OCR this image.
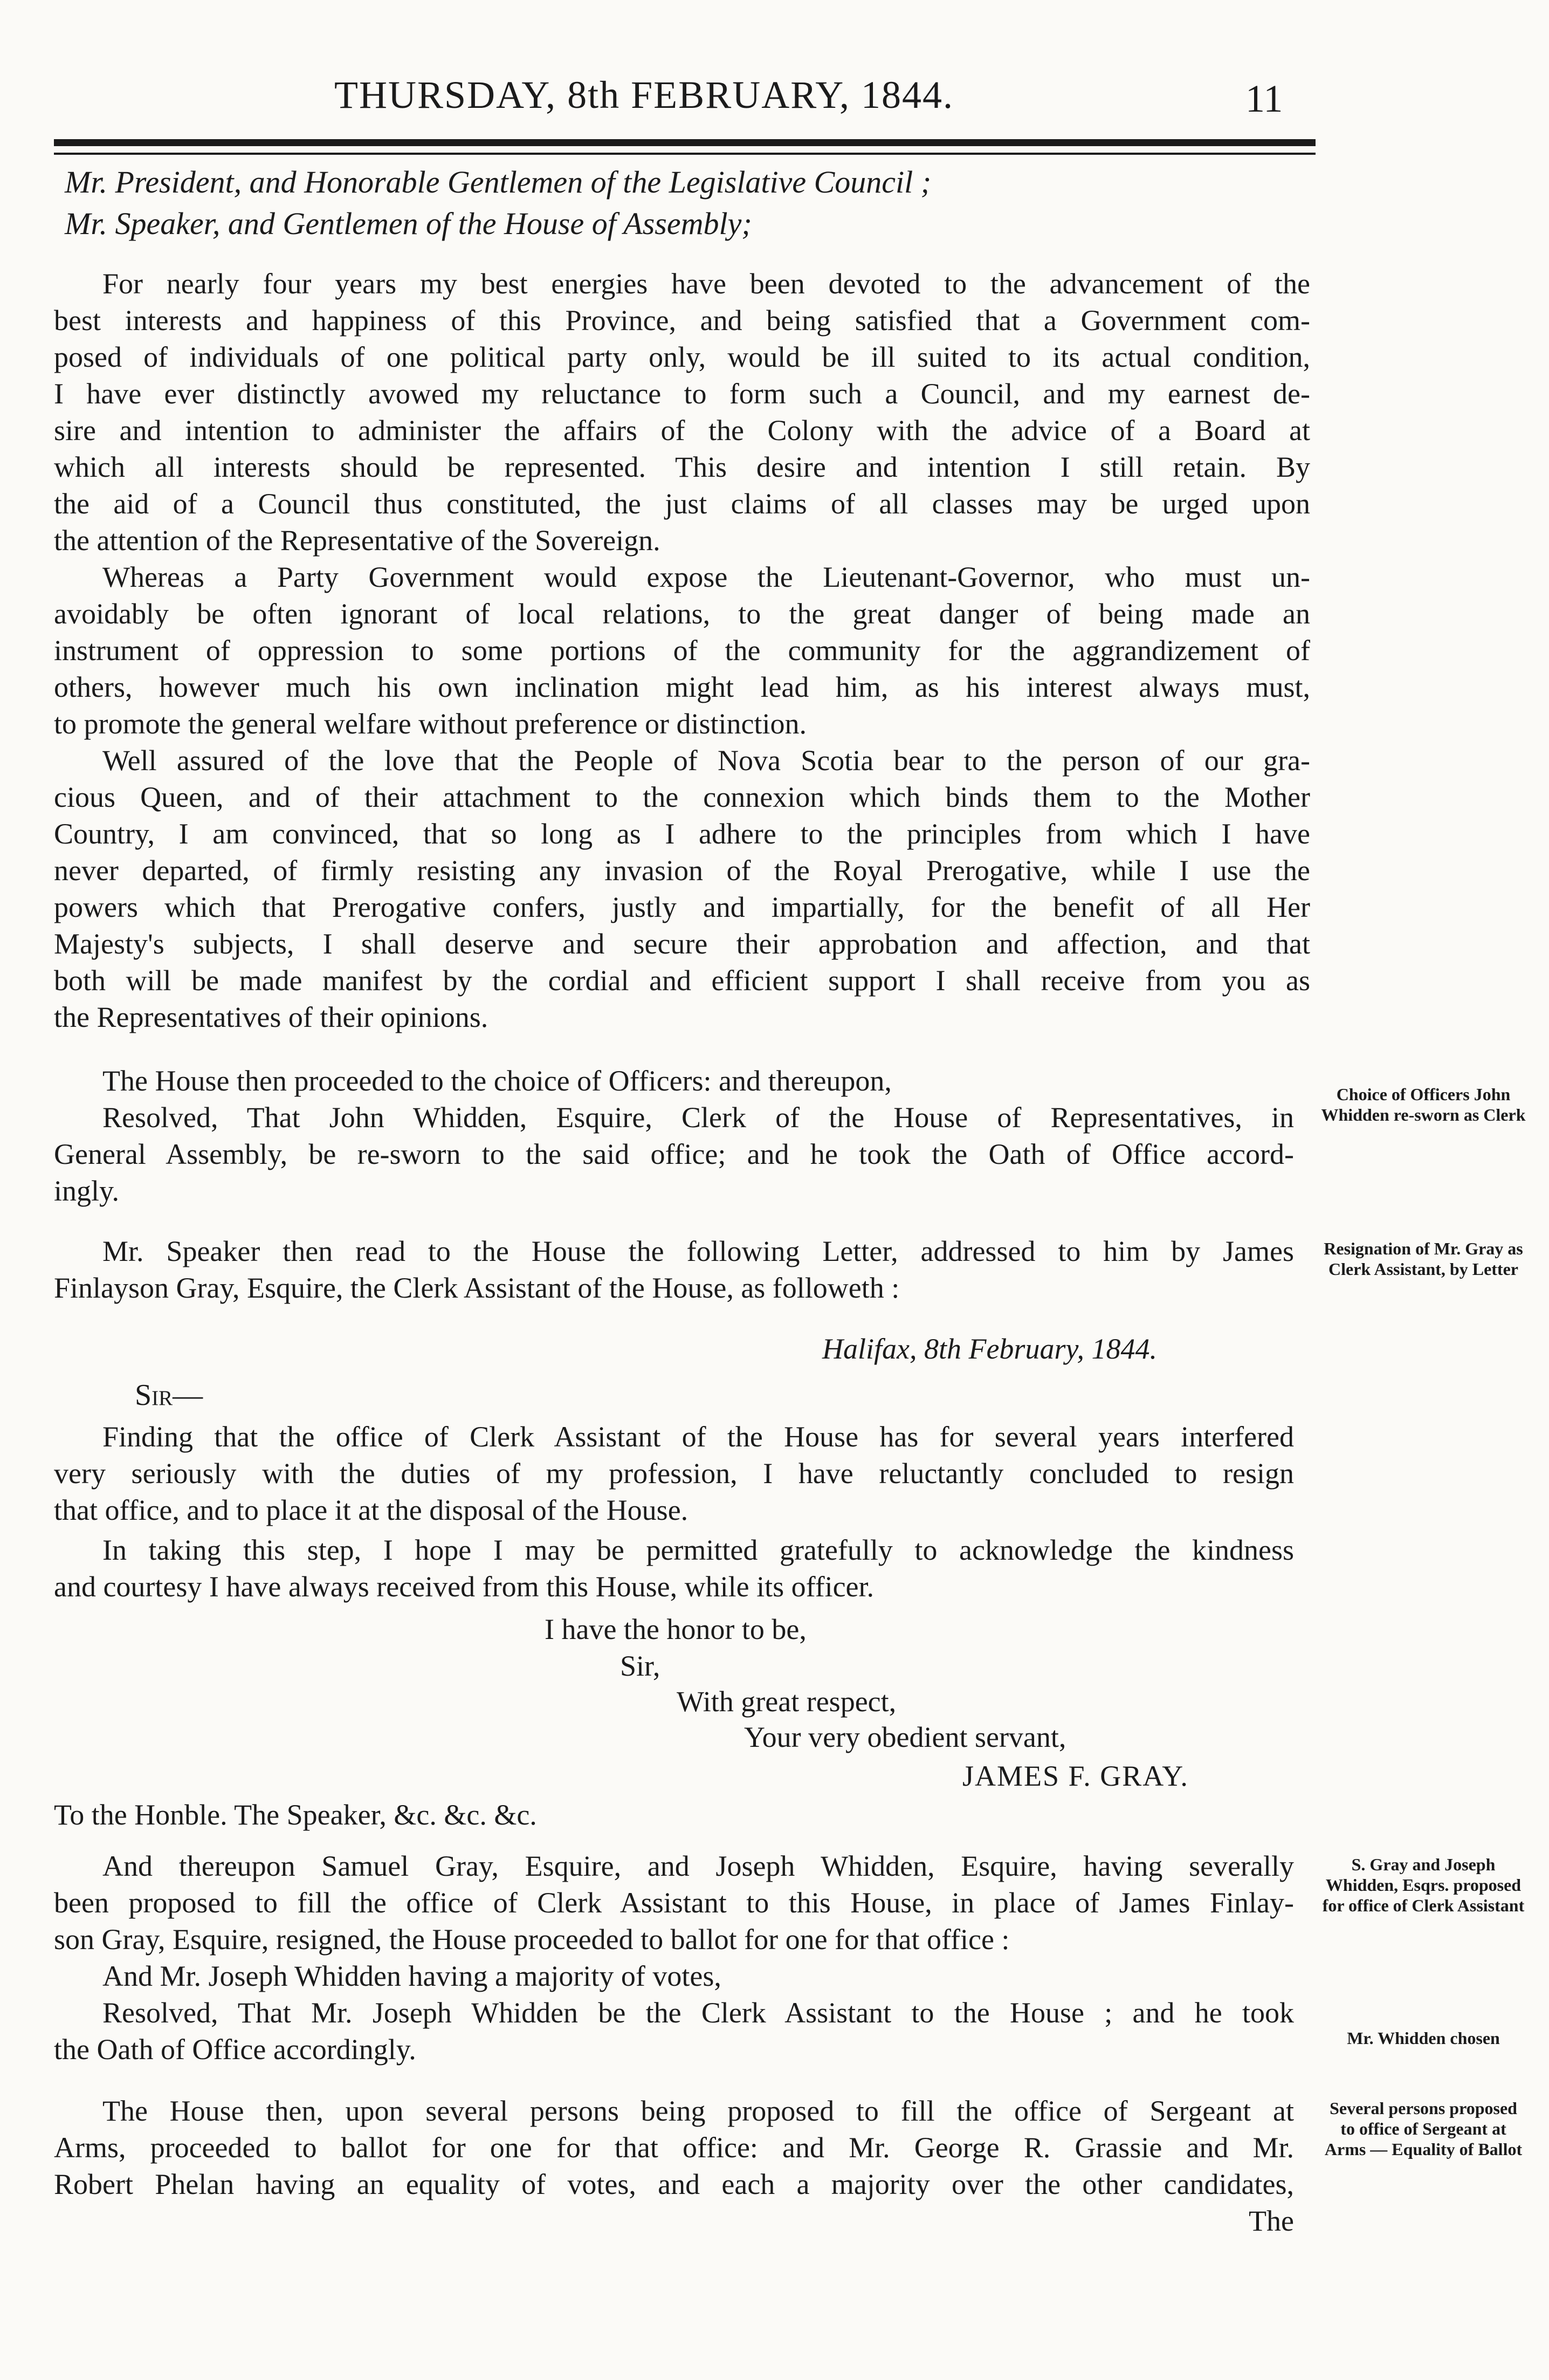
THURSDAY, 8th FEBRUARY, 1844.	11
Mr. President, and Honorable Gentlemen of the Legislative Council ;
Mr. Speaker, and Gentlemen of the House of Assembly;
For nearly four years my best energies have been devoted to the advancement of the
best interests and happiness of this Province, and being satisfied that a Government com-
posed of individuals of one political party only, would be ill suited to its actual condition,
I have ever distinctly avowed my reluctance to form such a Council, and my earnest de-
sire and intention to administer the affairs of the Colony with the advice of a Board at
which all interests should be represented. This desire and intention I still retain. By
the aid of a Council thus constituted, the just claims of all classes may be urged upon
the attention of the Representative of the Sovereign.
Whereas a Party Government would expose the Lieutenant-Governor, who must un-
avoidably be often ignorant of local relations, to the great danger of being made an
instrument of oppression to some portions of the community for the aggrandizement of
others, however much his own inclination might lead him, as his interest always must,
to promote the general welfare without preference or distinction.
Well assured of the love that the People of Nova Scotia bear to the person of our gra-
cious Queen, and of their attachment to the connexion which binds them to the Mother
Country, I am convinced, that so long as I adhere to the principles from which I have
never departed, of firmly resisting any invasion of the Royal Prerogative, while I use the
powers which that Prerogative confers, justly and impartially, for the benefit of all Her
Majesty's subjects, I shall deserve and secure their approbation and affection, and that
both will be made manifest by the cordial and efficient support I shall receive from you as
the Representatives of their opinions.
The House then proceeded to the choice of Officers: and thereupon,
Resolved, That John Whidden, Esquire, Clerk of the House of Representatives, in
General Assembly, be re-sworn to the said office; and he took the Oath of Office accord-
ingly.
Mr. Speaker then read to the House the following Letter, addressed to him by James
Finlayson Gray, Esquire, the Clerk Assistant of the House, as followeth :
Halifax, 8th February, 1844.
Sir—
Finding that the office of Clerk Assistant of the House has for several years interfered
very seriously with the duties of my profession, I have reluctantly concluded to resign
that office, and to place it at the disposal of the House.
In taking this step, I hope I may be permitted gratefully to acknowledge the kindness
and courtesy I have always received from this House, while its officer.
I have the honor to be,
Sir,
With great respect,
Your very obedient servant,
JAMES F. GRAY.
To the Honble. The Speaker, &c. &c. &c.
And thereupon Samuel Gray, Esquire, and Joseph Whidden, Esquire, having severally
been proposed to fill the office of Clerk Assistant to this House, in place of James Finlay-
son Gray, Esquire, resigned, the House proceeded to ballot for one for that office :
And Mr. Joseph Whidden having a majority of votes,
Resolved, That Mr. Joseph Whidden be the Clerk Assistant to the House ; and he took
the Oath of Office accordingly.
The House then, upon several persons being proposed to fill the office of Sergeant at
Arms, proceeded to ballot for one for that office: and Mr. George R. Grassie and Mr.
Robert Phelan having an equality of votes, and each a majority over the other candidates,
The
Choice of Officers John Whidden re-sworn as Clerk
Resignation of Mr. Gray as Clerk Assistant, by Letter
S. Gray and Joseph Whidden, Esqrs. proposed for office of Clerk Assistant
Mr. Whidden chosen
Several persons proposed to office of Sergeant at Arms — Equality of Ballot
